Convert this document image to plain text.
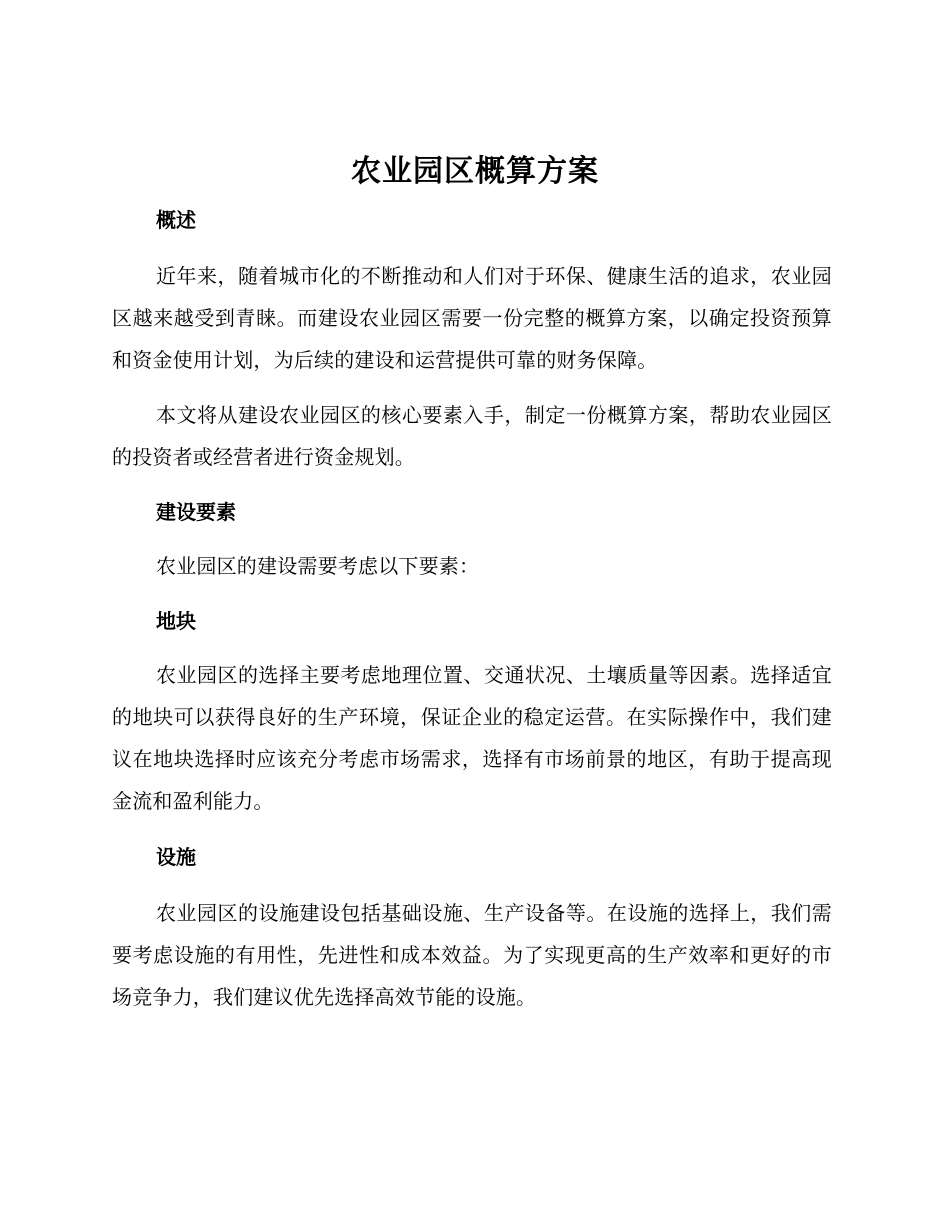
农业园区概算方案
概述
近年来，随着城市化的不断推动和人们对于环保、健康生活的追求，农业园区越来越受到青睐。而建设农业园区需要一份完整的概算方案，以确定投资预算和资金使用计划，为后续的建设和运营提供可靠的财务保障。
本文将从建设农业园区的核心要素入手，制定一份概算方案，帮助农业园区的投资者或经营者进行资金规划。
建设要素
农业园区的建设需要考虑以下要素：
地块
农业园区的选择主要考虑地理位置、交通状况、土壤质量等因素。选择适宜的地块可以获得良好的生产环境，保证企业的稳定运营。在实际操作中，我们建议在地块选择时应该充分考虑市场需求，选择有市场前景的地区，有助于提高现金流和盈利能力。
设施
农业园区的设施建设包括基础设施、生产设备等。在设施的选择上，我们需要考虑设施的有用性，先进性和成本效益。为了实现更高的生产效率和更好的市场竞争力，我们建议优先选择高效节能的设施。
